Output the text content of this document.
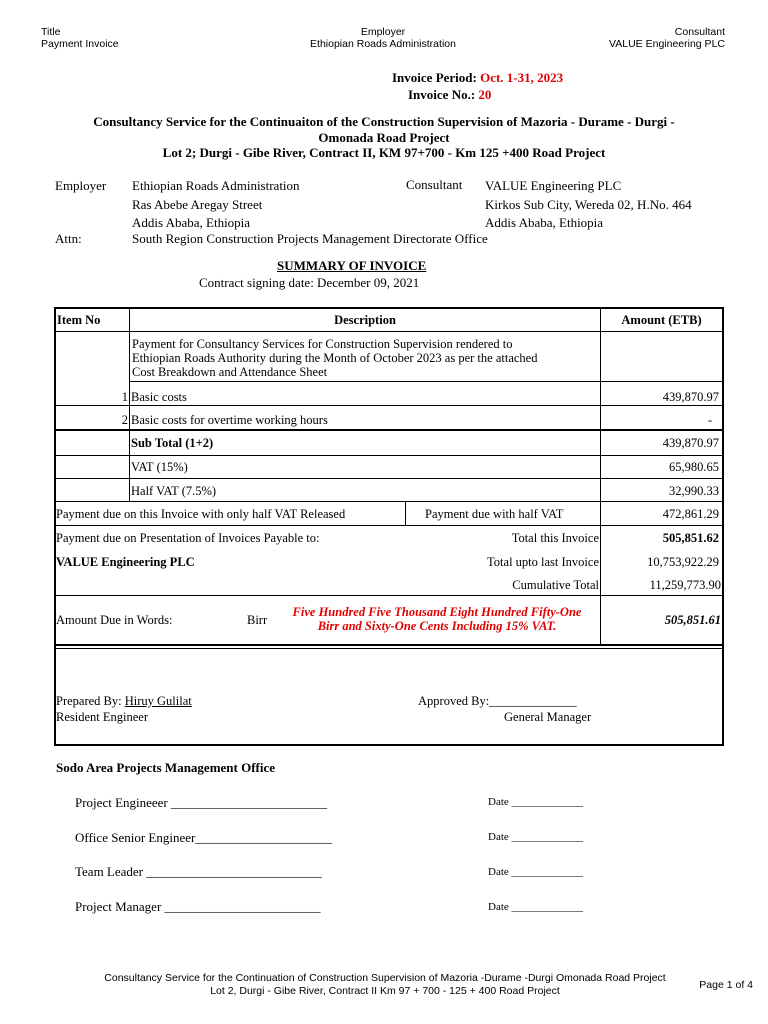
Title
Payment Invoice
Employer
Ethiopian Roads Administration
Consultant
VALUE Engineering PLC
Invoice Period: Oct. 1-31, 2023
Invoice No.: 20
Consultancy Service for the Continuaiton of the Construction Supervision of Mazoria - Durame - Durgi -
Omonada Road Project
Lot 2; Durgi - Gibe River, Contract II, KM 97+700 - Km 125 +400 Road Project
Employer Ethiopian Roads Administration
Ras Abebe Aregay Street
Addis Ababa, Ethiopia
Consultant VALUE Engineering PLC
Kirkos Sub City, Wereda 02, H.No. 464
Addis Ababa, Ethiopia
Attn:	South Region Construction Projects Management Directorate Office
SUMMARY OF INVOICE
Contract signing date: December 09, 2021
Item No	Description	Amount (ETB)
Payment for Consultancy Services for Construction Supervision rendered to
Ethiopian Roads Authority during the Month of October 2023 as per the attached
Cost Breakdown and Attendance Sheet
1 Basic costs	439,870.97
2 Basic costs for overtime working hours	-
Sub Total (1+2)	439,870.97
VAT (15%)	65,980.65
Half VAT (7.5%)	32,990.33
Payment due on this Invoice with only half VAT Released	Payment due with half VAT	472,861.29
Payment due on Presentation of Invoices Payable to:
VALUE Engineering PLC
Total this Invoice	505,851.62
Total upto last Invoice	10,753,922.29
Cumulative Total	11,259,773.90
Amount Due in Words:	Birr
Five Hundred Five Thousand Eight Hundred Fifty-One
Birr and Sixty-One Cents Including 15% VAT.	505,851.61
Prepared By: Hiruy Gulilat
Resident Engineer
Approved By:______________
General Manager
Sodo Area Projects Management Office
Project Engineeer ________________________	Date _____________
Office Senior Engineer_____________________	Date _____________
Team Leader ___________________________	Date _____________
Project Manager ________________________	Date _____________
Consultancy Service for the Continuation of Construction Supervision of Mazoria -Durame -Durgi Omonada Road Project
Lot 2, Durgi - Gibe River, Contract II Km 97 + 700 - 125 + 400 Road Project	Page 1 of 4
